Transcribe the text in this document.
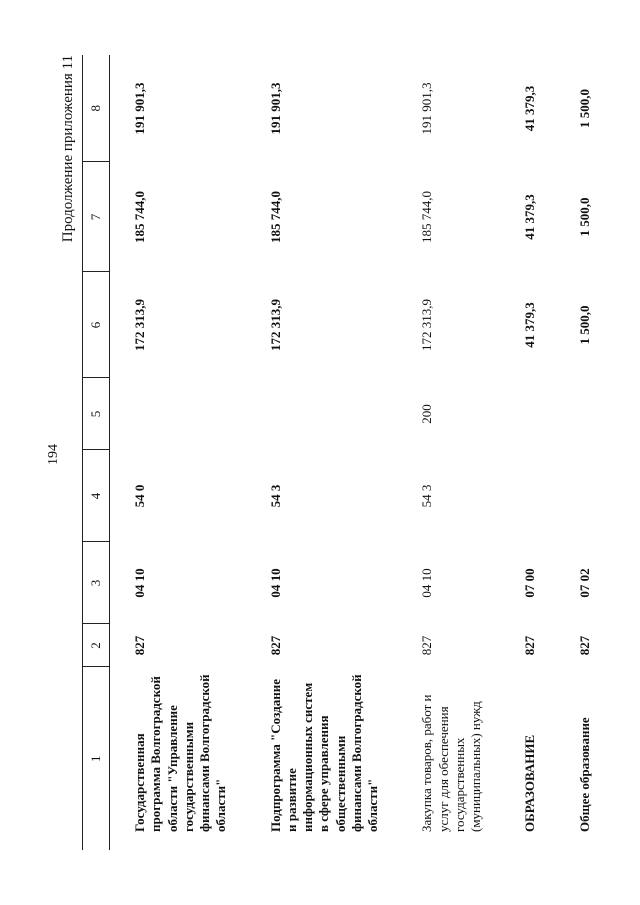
194
Продолжение приложения 11
1	2	3	4	5	6	7	8
Государственная программа Волгоградской области "Управление государственными финансами Волгоградской области"	827	04 10	54 0		172 313,9	185 744,0	191 901,3
Подпрограмма "Создание и развитие информационных систем в сфере управления общественными финансами Волгоградской области"	827	04 10	54 3		172 313,9	185 744,0	191 901,3
Закупка товаров, работ и услуг для обеспечения государственных (муниципальных) нужд	827	04 10	54 3	200	172 313,9	185 744,0	191 901,3
ОБРАЗОВАНИЕ	827	07 00			41 379,3	41 379,3	41 379,3
Общее образование	827	07 02			1 500,0	1 500,0	1 500,0
